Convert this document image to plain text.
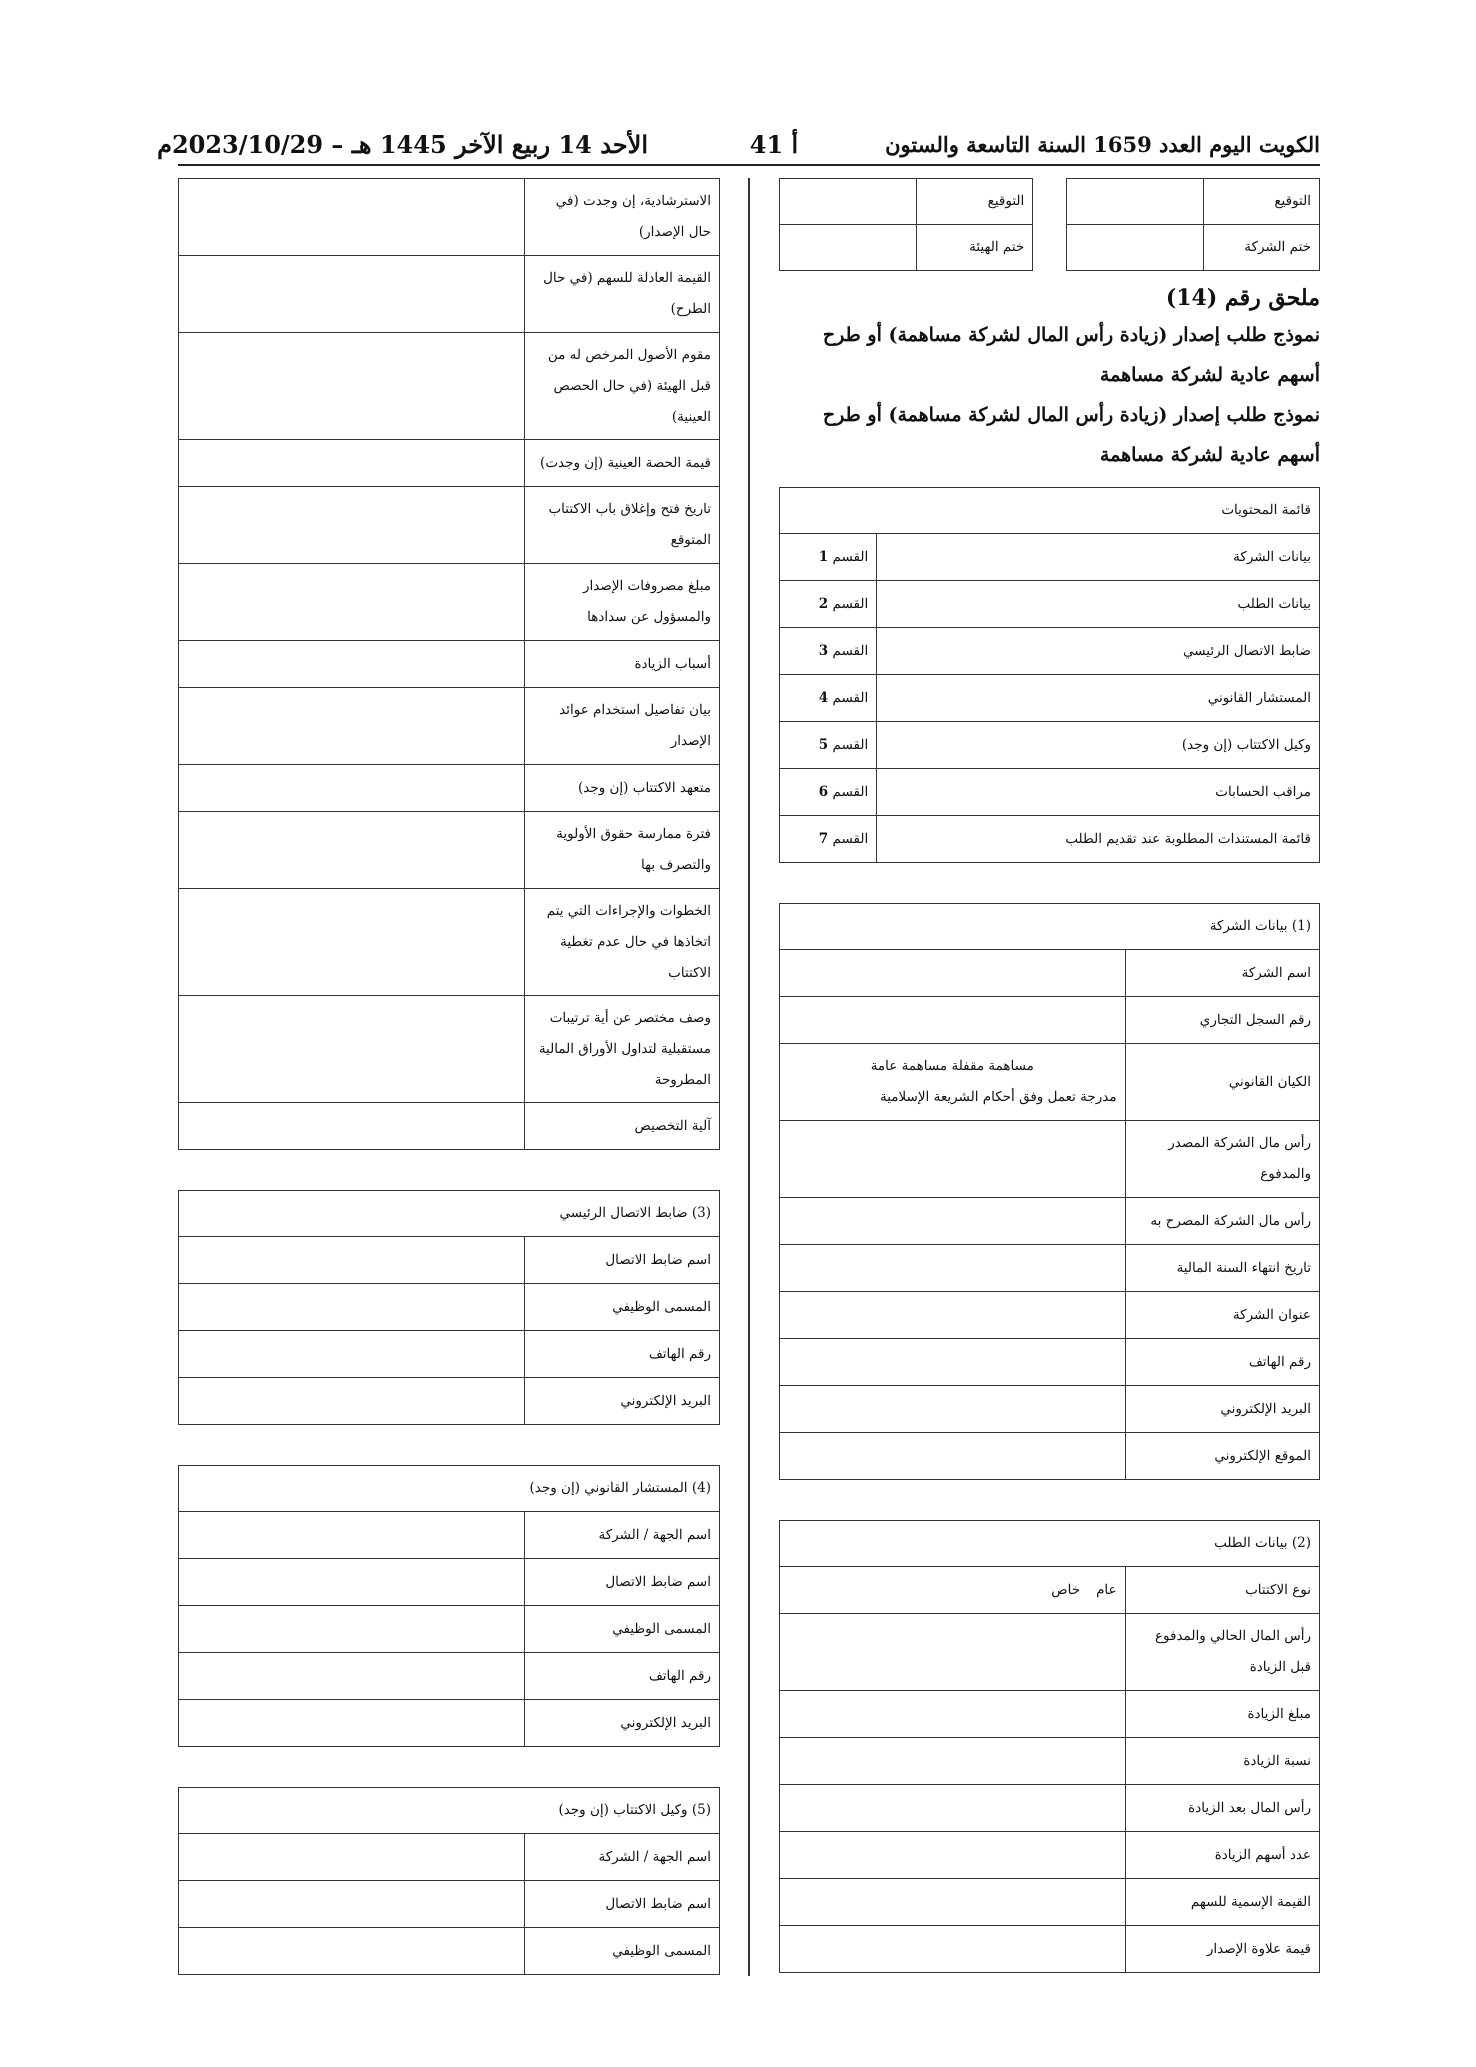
الكويت اليوم العدد 1659 السنة التاسعة والستون
أ 41
الأحد 14 ربيع الآخر 1445 هـ – 2023/10/29م
التوقيع	
ختم الشركة	
التوقيع	
ختم الهيئة	
ملحق رقم (14)

نموذج طلب إصدار (زيادة رأس المال لشركة مساهمة) أو طرح أسهم عادية لشركة مساهمة

نموذج طلب إصدار (زيادة رأس المال لشركة مساهمة) أو طرح أسهم عادية لشركة مساهمة

قائمة المحتويات	
بيانات الشركة	القسم 1
بيانات الطلب	القسم 2
ضابط الاتصال الرئيسي	القسم 3
المستشار القانوني	القسم 4
وكيل الاكتتاب (إن وجد)	القسم 5
مراقب الحسابات	القسم 6
قائمة المستندات المطلوبة عند تقديم الطلب	القسم 7
(1) بيانات الشركة	
اسم الشركة	
رقم السجل التجاري	
الكيان القانوني	مساهمة مقفلة مساهمة عامة
مدرجة تعمل وفق أحكام الشريعة الإسلامية

رأس مال الشركة المصدر والمدفوع	
رأس مال الشركة المصرح به	
تاريخ انتهاء السنة المالية	
عنوان الشركة	
رقم الهاتف	
البريد الإلكتروني	
الموقع الإلكتروني	
(2) بيانات الطلب	
نوع الاكتتاب	عام
خاص

رأس المال الحالي والمدفوع قبل الزيادة	
مبلغ الزيادة	
نسبة الزيادة	
رأس المال بعد الزيادة	
عدد أسهم الزيادة	
القيمة الإسمية للسهم	
قيمة علاوة الإصدار	
الاسترشادية، إن وجدت (في حال الإصدار)	
القيمة العادلة للسهم (في حال الطرح)	
مقوم الأصول المرخص له من قبل الهيئة (في حال الحصص العينية)	
قيمة الحصة العينية (إن وجدت)	
تاريخ فتح وإغلاق باب الاكتتاب المتوقع	
مبلغ مصروفات الإصدار والمسؤول عن سدادها	
أسباب الزيادة	
بيان تفاصيل استخدام عوائد الإصدار	
متعهد الاكتتاب (إن وجد)	
فترة ممارسة حقوق الأولوية والتصرف بها	
الخطوات والإجراءات التي يتم اتخاذها في حال عدم تغطية الاكتتاب	
وصف مختصر عن أية ترتيبات مستقبلية لتداول الأوراق المالية المطروحة	
آلية التخصيص	
(3) ضابط الاتصال الرئيسي	
اسم ضابط الاتصال	
المسمى الوظيفي	
رقم الهاتف	
البريد الإلكتروني	
(4) المستشار القانوني (إن وجد)	
اسم الجهة / الشركة	
اسم ضابط الاتصال	
المسمى الوظيفي	
رقم الهاتف	
البريد الإلكتروني	
(5) وكيل الاكتتاب (إن وجد)	
اسم الجهة / الشركة	
اسم ضابط الاتصال	
المسمى الوظيفي	
